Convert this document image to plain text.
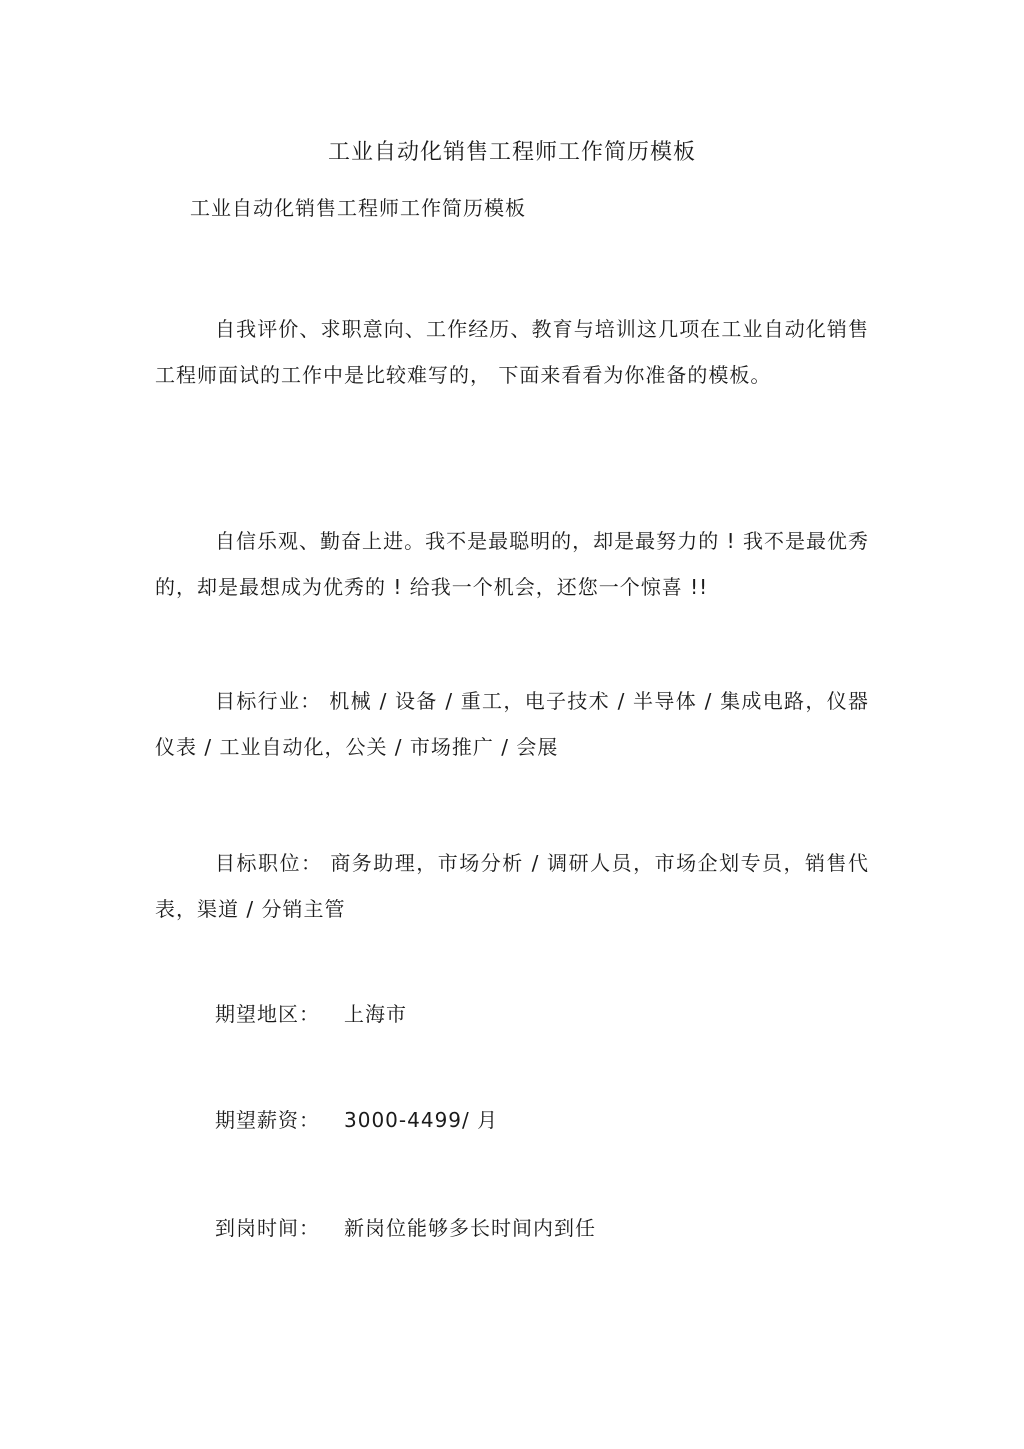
工业自动化销售工程师工作简历模板
工业自动化销售工程师工作简历模板

自我评价、求职意向、工作经历、教育与培训这几项在工业自动化销售工程师面试的工作中是比较难写的， 下面来看看为你准备的模板。

自信乐观、勤奋上进。我不是最聪明的，却是最努力的 ! 我不是最优秀的，却是最想成为优秀的 ! 给我一个机会，还您一个惊喜 !!

目标行业： 机械 / 设备 / 重工，电子技术 / 半导体 / 集成电路，仪器仪表 / 工业自动化，公关 / 市场推广 / 会展

目标职位： 商务助理，市场分析 / 调研人员，市场企划专员，销售代表，渠道 / 分销主管

期望地区： 上海市
期望薪资： 3000-4499/ 月
到岗时间： 新岗位能够多长时间内到任
